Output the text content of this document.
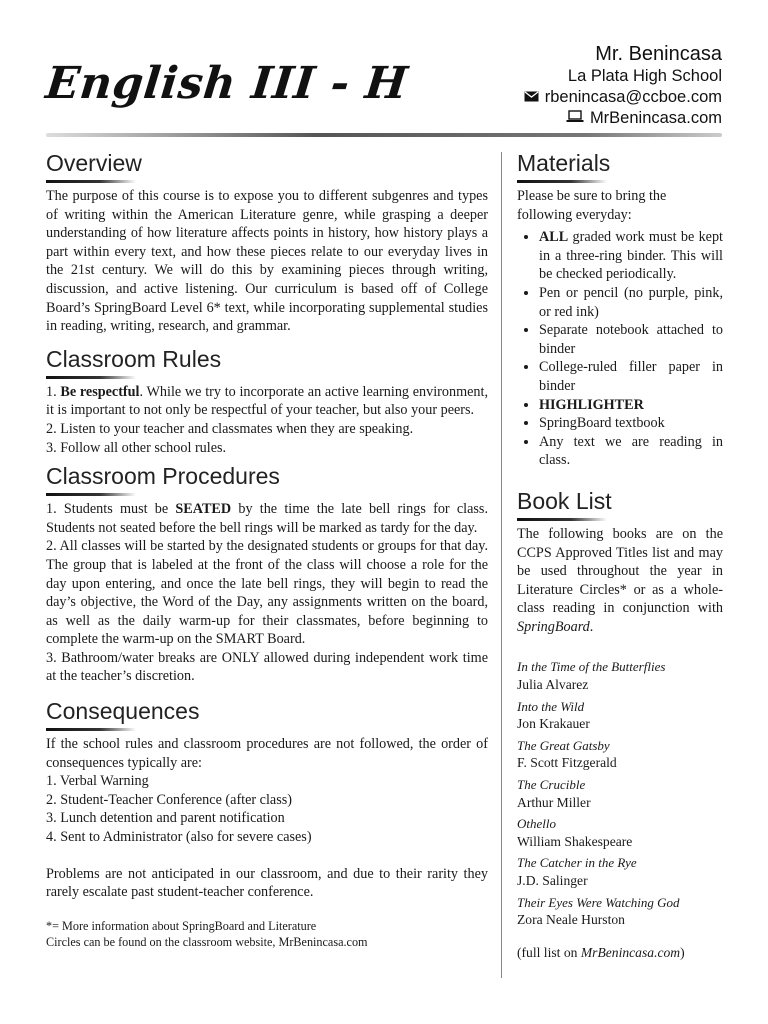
English III - H
Mr. Benincasa
La Plata High School
rbenincasa@ccboe.com
MrBenincasa.com
Overview
The purpose of this course is to expose you to different subgenres and types of writing within the American Literature genre, while grasping a deeper understanding of how literature affects points in history, how history plays a part within every text, and how these pieces relate to our everyday lives in the 21st century. We will do this by examining pieces through writing, discussion, and active listening. Our curriculum is based off of College Board’s SpringBoard Level 6* text, while incorporating supplemental studies in reading, writing, research, and grammar.
Classroom Rules

1. Be respectful. While we try to incorporate an active learning environment, it is important to not only be respectful of your teacher, but also your peers.

2. Listen to your teacher and classmates when they are speaking.

3. Follow all other school rules.

Classroom Procedures

1. Students must be SEATED by the time the late bell rings for class. Students not seated before the bell rings will be marked as tardy for the day.

2. All classes will be started by the designated students or groups for that day. The group that is labeled at the front of the class will choose a role for the day upon entering, and once the late bell rings, they will begin to read the day’s objective, the Word of the Day, any assignments written on the board, as well as the daily warm-up for their classmates, before beginning to complete the warm-up on the SMART Board.

3. Bathroom/water breaks are ONLY allowed during independent work time at the teacher’s discretion.

Consequences

If the school rules and classroom procedures are not followed, the order of consequences typically are:

1. Verbal Warning

2. Student-Teacher Conference (after class)

3. Lunch detention and parent notification

4. Sent to Administrator (also for severe cases)

Problems are not anticipated in our classroom, and due to their rarity they rarely escalate past student-teacher conference.

*= More information about SpringBoard and Literature
Circles can be found on the classroom website, MrBenincasa.com
Materials
Please be sure to bring the following everyday:
• ALL graded work must be kept in a three-ring binder. This will be checked periodically.
• Pen or pencil (no purple, pink, or red ink)
• Separate notebook attached to binder
• College-ruled filler paper in binder
• HIGHLIGHTER
• SpringBoard textbook
• Any text we are reading in class.
Book List
The following books are on the CCPS Approved Titles list and may be used throughout the year in Literature Circles* or as a whole-class reading in conjunction with SpringBoard.
In the Time of the Butterflies
Julia Alvarez
Into the Wild
Jon Krakauer
The Great Gatsby
F. Scott Fitzgerald
The Crucible
Arthur Miller
Othello
William Shakespeare
The Catcher in the Rye
J.D. Salinger
Their Eyes Were Watching God
Zora Neale Hurston
(full list on MrBenincasa.com)
